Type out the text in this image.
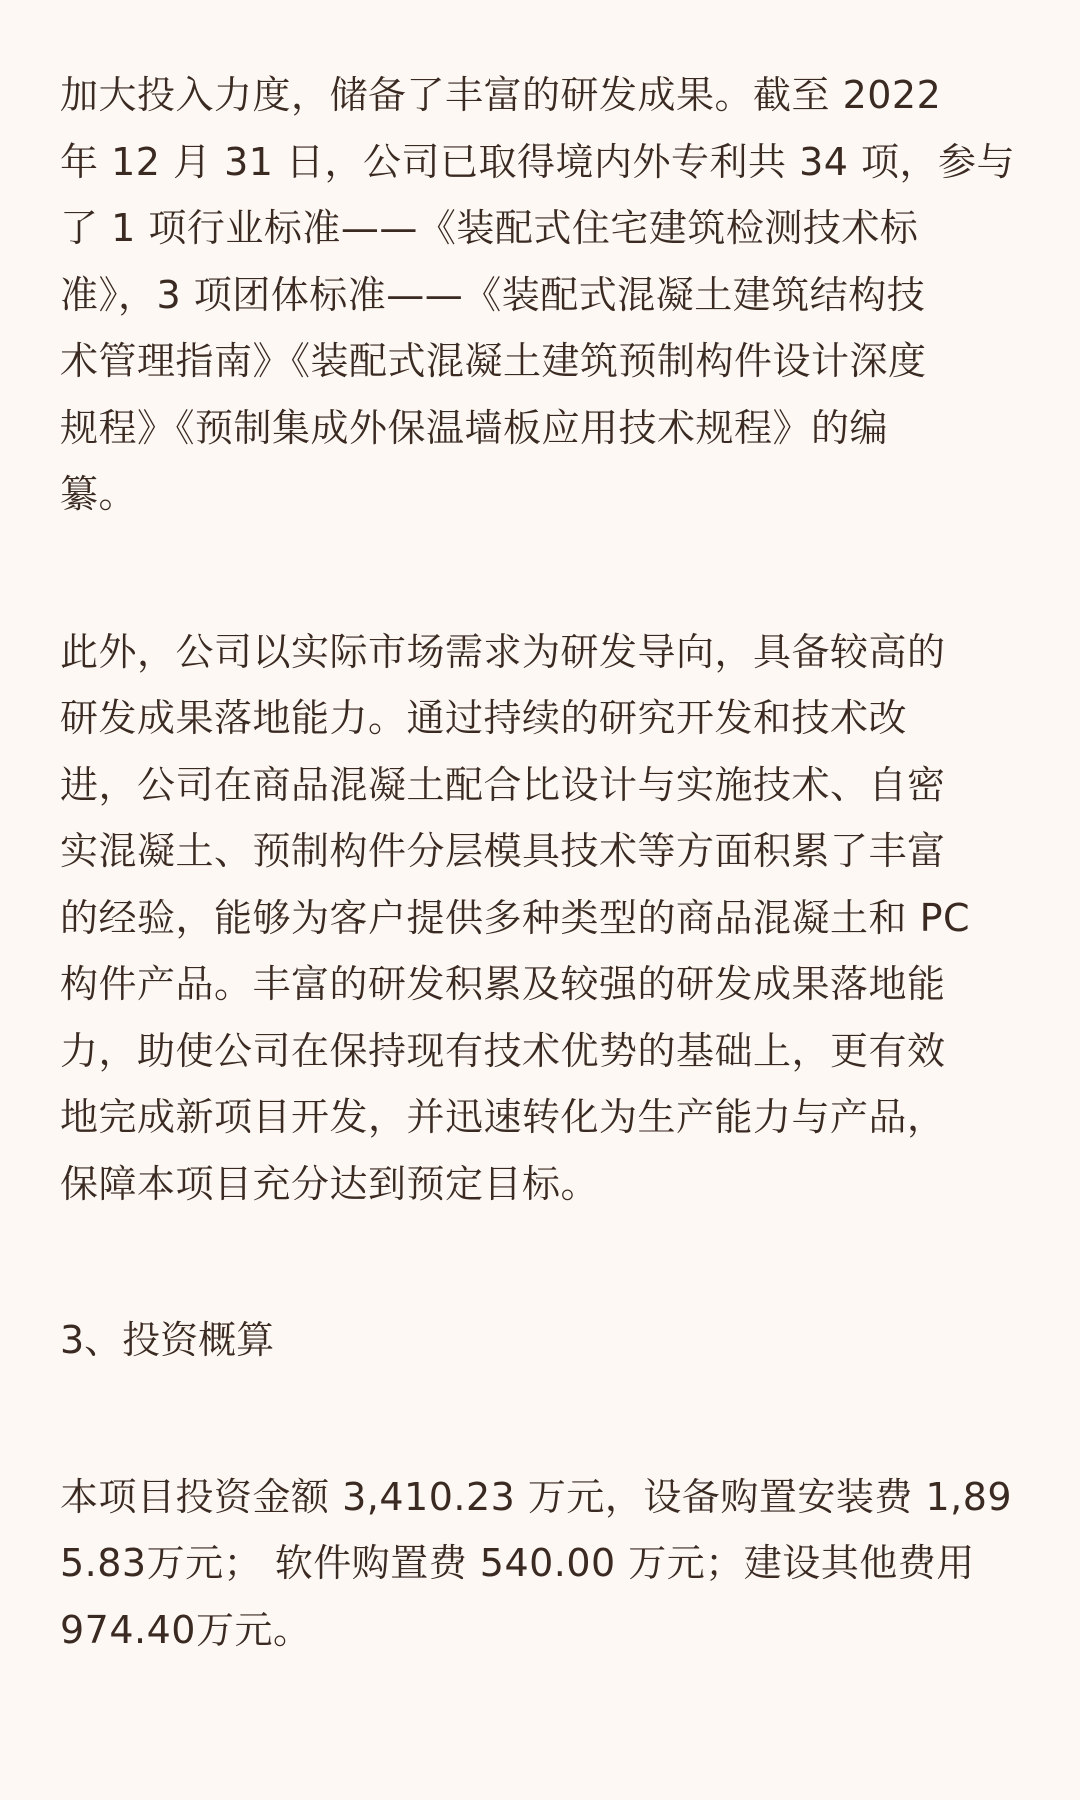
加大投入力度，储备了丰富的研发成果。截至 2022
年 12 月 31 日，公司已取得境内外专利共 34 项，参与
了 1 项行业标准——《装配式住宅建筑检测技术标
准》，3 项团体标准——《装配式混凝土建筑结构技
术管理指南》《装配式混凝土建筑预制构件设计深度
规程》《预制集成外保温墙板应用技术规程》的编
纂。

此外，公司以实际市场需求为研发导向，具备较高的
研发成果落地能力。通过持续的研究开发和技术改
进，公司在商品混凝土配合比设计与实施技术、自密
实混凝土、预制构件分层模具技术等方面积累了丰富
的经验，能够为客户提供多种类型的商品混凝土和 PC
构件产品。丰富的研发积累及较强的研发成果落地能
力，助使公司在保持现有技术优势的基础上，更有效
地完成新项目开发，并迅速转化为生产能力与产品，
保障本项目充分达到预定目标。

3、投资概算

本项目投资金额 3,410.23 万元，设备购置安装费 1,89
5.83万元； 软件购置费 540.00 万元；建设其他费用
974.40万元。
